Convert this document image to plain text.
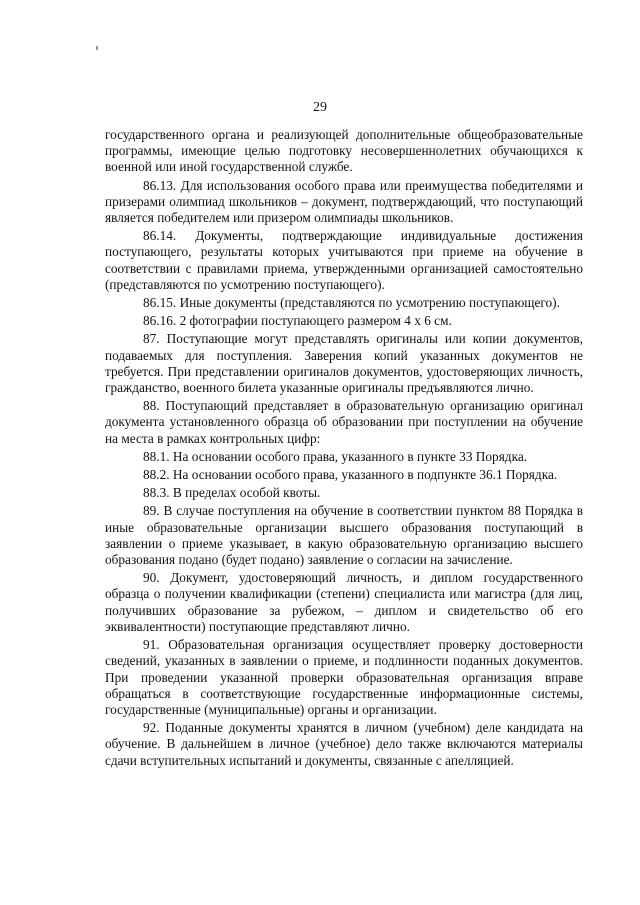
29

государственного органа и реализующей дополнительные общеобразовательные программы, имеющие целью подготовку несовершеннолетних обучающихся к военной или иной государственной службе.

86.13. Для использования особого права или преимущества победителями и призерами олимпиад школьников – документ, подтверждающий, что поступающий является победителем или призером олимпиады школьников.

86.14. Документы, подтверждающие индивидуальные достижения поступающего, результаты которых учитываются при приеме на обучение в соответствии с правилами приема, утвержденными организацией самостоятельно (представляются по усмотрению поступающего).

86.15. Иные документы (представляются по усмотрению поступающего).

86.16. 2 фотографии поступающего размером 4 х 6 см.

87. Поступающие могут представлять оригиналы или копии документов, подаваемых для поступления. Заверения копий указанных документов не требуется. При представлении оригиналов документов, удостоверяющих личность, гражданство, военного билета указанные оригиналы предъявляются лично.

88. Поступающий представляет в образовательную организацию оригинал документа установленного образца об образовании при поступлении на обучение на места в рамках контрольных цифр:

88.1. На основании особого права, указанного в пункте 33 Порядка.

88.2. На основании особого права, указанного в подпункте 36.1 Порядка.

88.3. В пределах особой квоты.

89. В случае поступления на обучение в соответствии пунктом 88 Порядка в иные образовательные организации высшего образования поступающий в заявлении о приеме указывает, в какую образовательную организацию высшего образования подано (будет подано) заявление о согласии на зачисление.

90. Документ, удостоверяющий личность, и диплом государственного образца о получении квалификации (степени) специалиста или магистра (для лиц, получивших образование за рубежом, – диплом и свидетельство об его эквивалентности) поступающие представляют лично.

91. Образовательная организация осуществляет проверку достоверности сведений, указанных в заявлении о приеме, и подлинности поданных документов. При проведении указанной проверки образовательная организация вправе обращаться в соответствующие государственные информационные системы, государственные (муниципальные) органы и организации.

92. Поданные документы хранятся в личном (учебном) деле кандидата на обучение. В дальнейшем в личное (учебное) дело также включаются материалы сдачи вступительных испытаний и документы, связанные с апелляцией.
